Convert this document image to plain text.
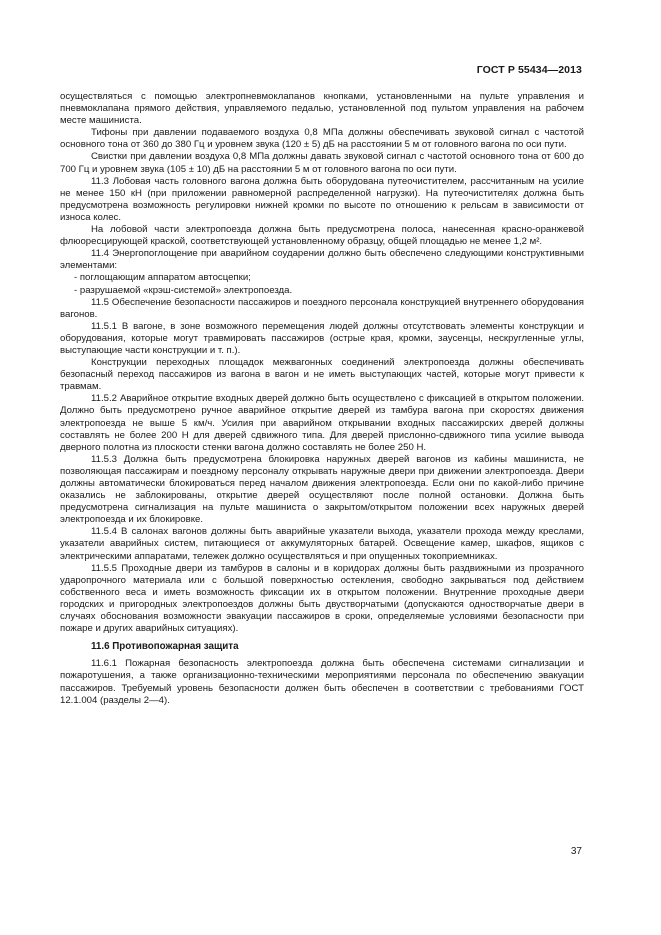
ГОСТ Р 55434—2013

осуществляться с помощью электропневмоклапанов кнопками, установленными на пульте управления и пневмоклапана прямого действия, управляемого педалью, установленной под пультом управления на рабочем месте машиниста.

Тифоны при давлении подаваемого воздуха 0,8 МПа должны обеспечивать звуковой сигнал с частотой основного тона от 360 до 380 Гц и уровнем звука (120 ± 5) дБ на расстоянии 5 м от головного вагона по оси пути.

Свистки при давлении воздуха 0,8 МПа должны давать звуковой сигнал с частотой основного тона от 600 до 700 Гц и уровнем звука (105 ± 10) дБ на расстоянии 5 м от головного вагона по оси пути.

11.3 Лобовая часть головного вагона должна быть оборудована путеочистителем, рассчитанным на усилие не менее 150 кН (при приложении равномерной распределенной нагрузки). На путеочистителях должна быть предусмотрена возможность регулировки нижней кромки по высоте по отношению к рельсам в зависимости от износа колес.

На лобовой части электропоезда должна быть предусмотрена полоса, нанесенная красно-оранжевой флюоресцирующей краской, соответствующей установленному образцу, общей площадью не менее 1,2 м².

11.4 Энергопоглощение при аварийном соударении должно быть обеспечено следующими конструктивными элементами:

- поглощающим аппаратом автосцепки;

- разрушаемой «крэш-системой» электропоезда.

11.5 Обеспечение безопасности пассажиров и поездного персонала конструкцией внутреннего оборудования вагонов.

11.5.1 В вагоне, в зоне возможного перемещения людей должны отсутствовать элементы конструкции и оборудования, которые могут травмировать пассажиров (острые края, кромки, заусенцы, нескругленные углы, выступающие части конструкции и т. п.).

Конструкции переходных площадок межвагонных соединений электропоезда должны обеспечивать безопасный переход пассажиров из вагона в вагон и не иметь выступающих частей, которые могут привести к травмам.

11.5.2 Аварийное открытие входных дверей должно быть осуществлено с фиксацией в открытом положении. Должно быть предусмотрено ручное аварийное открытие дверей из тамбура вагона при скоростях движения электропоезда не выше 5 км/ч. Усилия при аварийном открывании входных пассажирских дверей должны составлять не более 200 Н для дверей сдвижного типа. Для дверей прислонно-сдвижного типа усилие вывода дверного полотна из плоскости стенки вагона должно составлять не более 250 Н.

11.5.3 Должна быть предусмотрена блокировка наружных дверей вагонов из кабины машиниста, не позволяющая пассажирам и поездному персоналу открывать наружные двери при движении электропоезда. Двери должны автоматически блокироваться перед началом движения электропоезда. Если они по какой-либо причине оказались не заблокированы, открытие дверей осуществляют после полной остановки. Должна быть предусмотрена сигнализация на пульте машиниста о закрытом/открытом положении всех наружных дверей электропоезда и их блокировке.

11.5.4 В салонах вагонов должны быть аварийные указатели выхода, указатели прохода между креслами, указатели аварийных систем, питающиеся от аккумуляторных батарей. Освещение камер, шкафов, ящиков с электрическими аппаратами, тележек должно осуществляться и при опущенных токоприемниках.

11.5.5 Проходные двери из тамбуров в салоны и в коридорах должны быть раздвижными из прозрачного ударопрочного материала или с большой поверхностью остекления, свободно закрываться под действием собственного веса и иметь возможность фиксации их в открытом положении. Внутренние проходные двери городских и пригородных электропоездов должны быть двустворчатыми (допускаются одностворчатые двери в случаях обоснования возможности эвакуации пассажиров в сроки, определяемые условиями безопасности при пожаре и других аварийных ситуациях).

11.6 Противопожарная защита

11.6.1 Пожарная безопасность электропоезда должна быть обеспечена системами сигнализации и пожаротушения, а также организационно-техническими мероприятиями персонала по обеспечению эвакуации пассажиров. Требуемый уровень безопасности должен быть обеспечен в соответствии с требованиями ГОСТ 12.1.004 (разделы 2—4).

37
